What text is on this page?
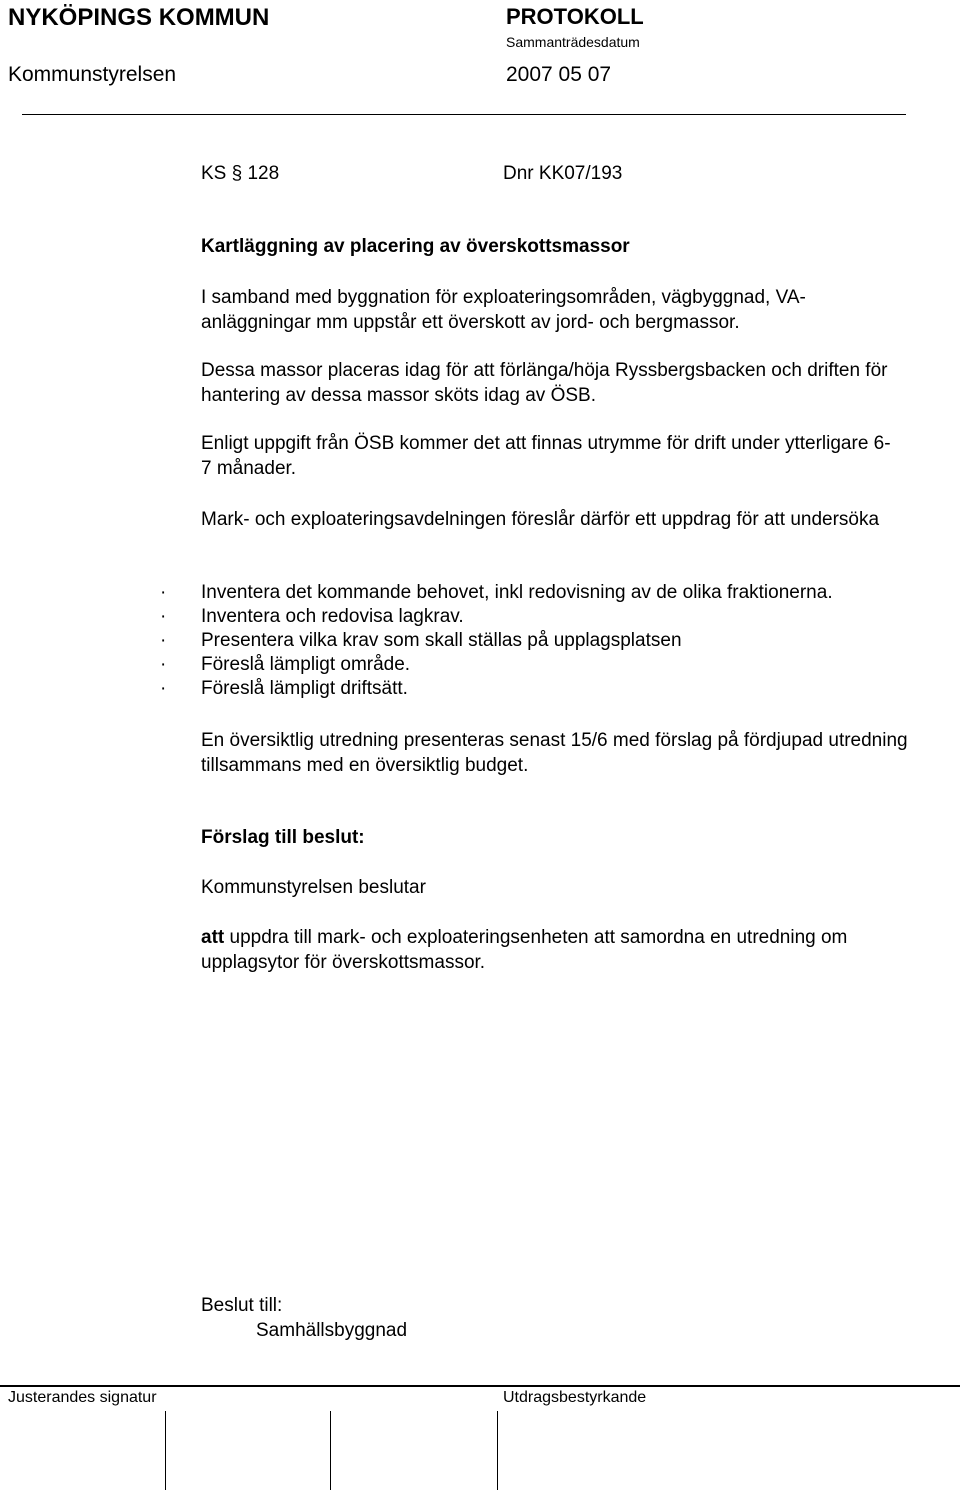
NYKÖPINGS KOMMUN	PROTOKOLL
Sammanträdesdatum
Kommunstyrelsen	2007 05 07
KS § 128	Dnr KK07/193
Kartläggning av placering av överskottsmassor
I samband med byggnation för exploateringsområden, vägbyggnad, VA-anläggningar mm uppstår ett överskott av jord- och bergmassor.
Dessa massor placeras idag för att förlänga/höja Ryssbergsbacken och driften för hantering av dessa massor sköts idag av ÖSB.
Enligt uppgift från ÖSB kommer det att finnas utrymme för drift under ytterligare 6-7 månader.
Mark- och exploateringsavdelningen föreslår därför ett uppdrag för att undersöka
· Inventera det kommande behovet, inkl redovisning av de olika fraktionerna.
· Inventera och redovisa lagkrav.
· Presentera vilka krav som skall ställas på upplagsplatsen
· Föreslå lämpligt område.
· Föreslå lämpligt driftsätt.
En översiktlig utredning presenteras senast 15/6 med förslag på fördjupad utredning tillsammans med en översiktlig budget.
Förslag till beslut:
Kommunstyrelsen beslutar
att uppdra till mark- och exploateringsenheten att samordna en utredning om upplagsytor för överskottsmassor.
Beslut till:
Samhällsbyggnad
Justerandes signatur	Utdragsbestyrkande
